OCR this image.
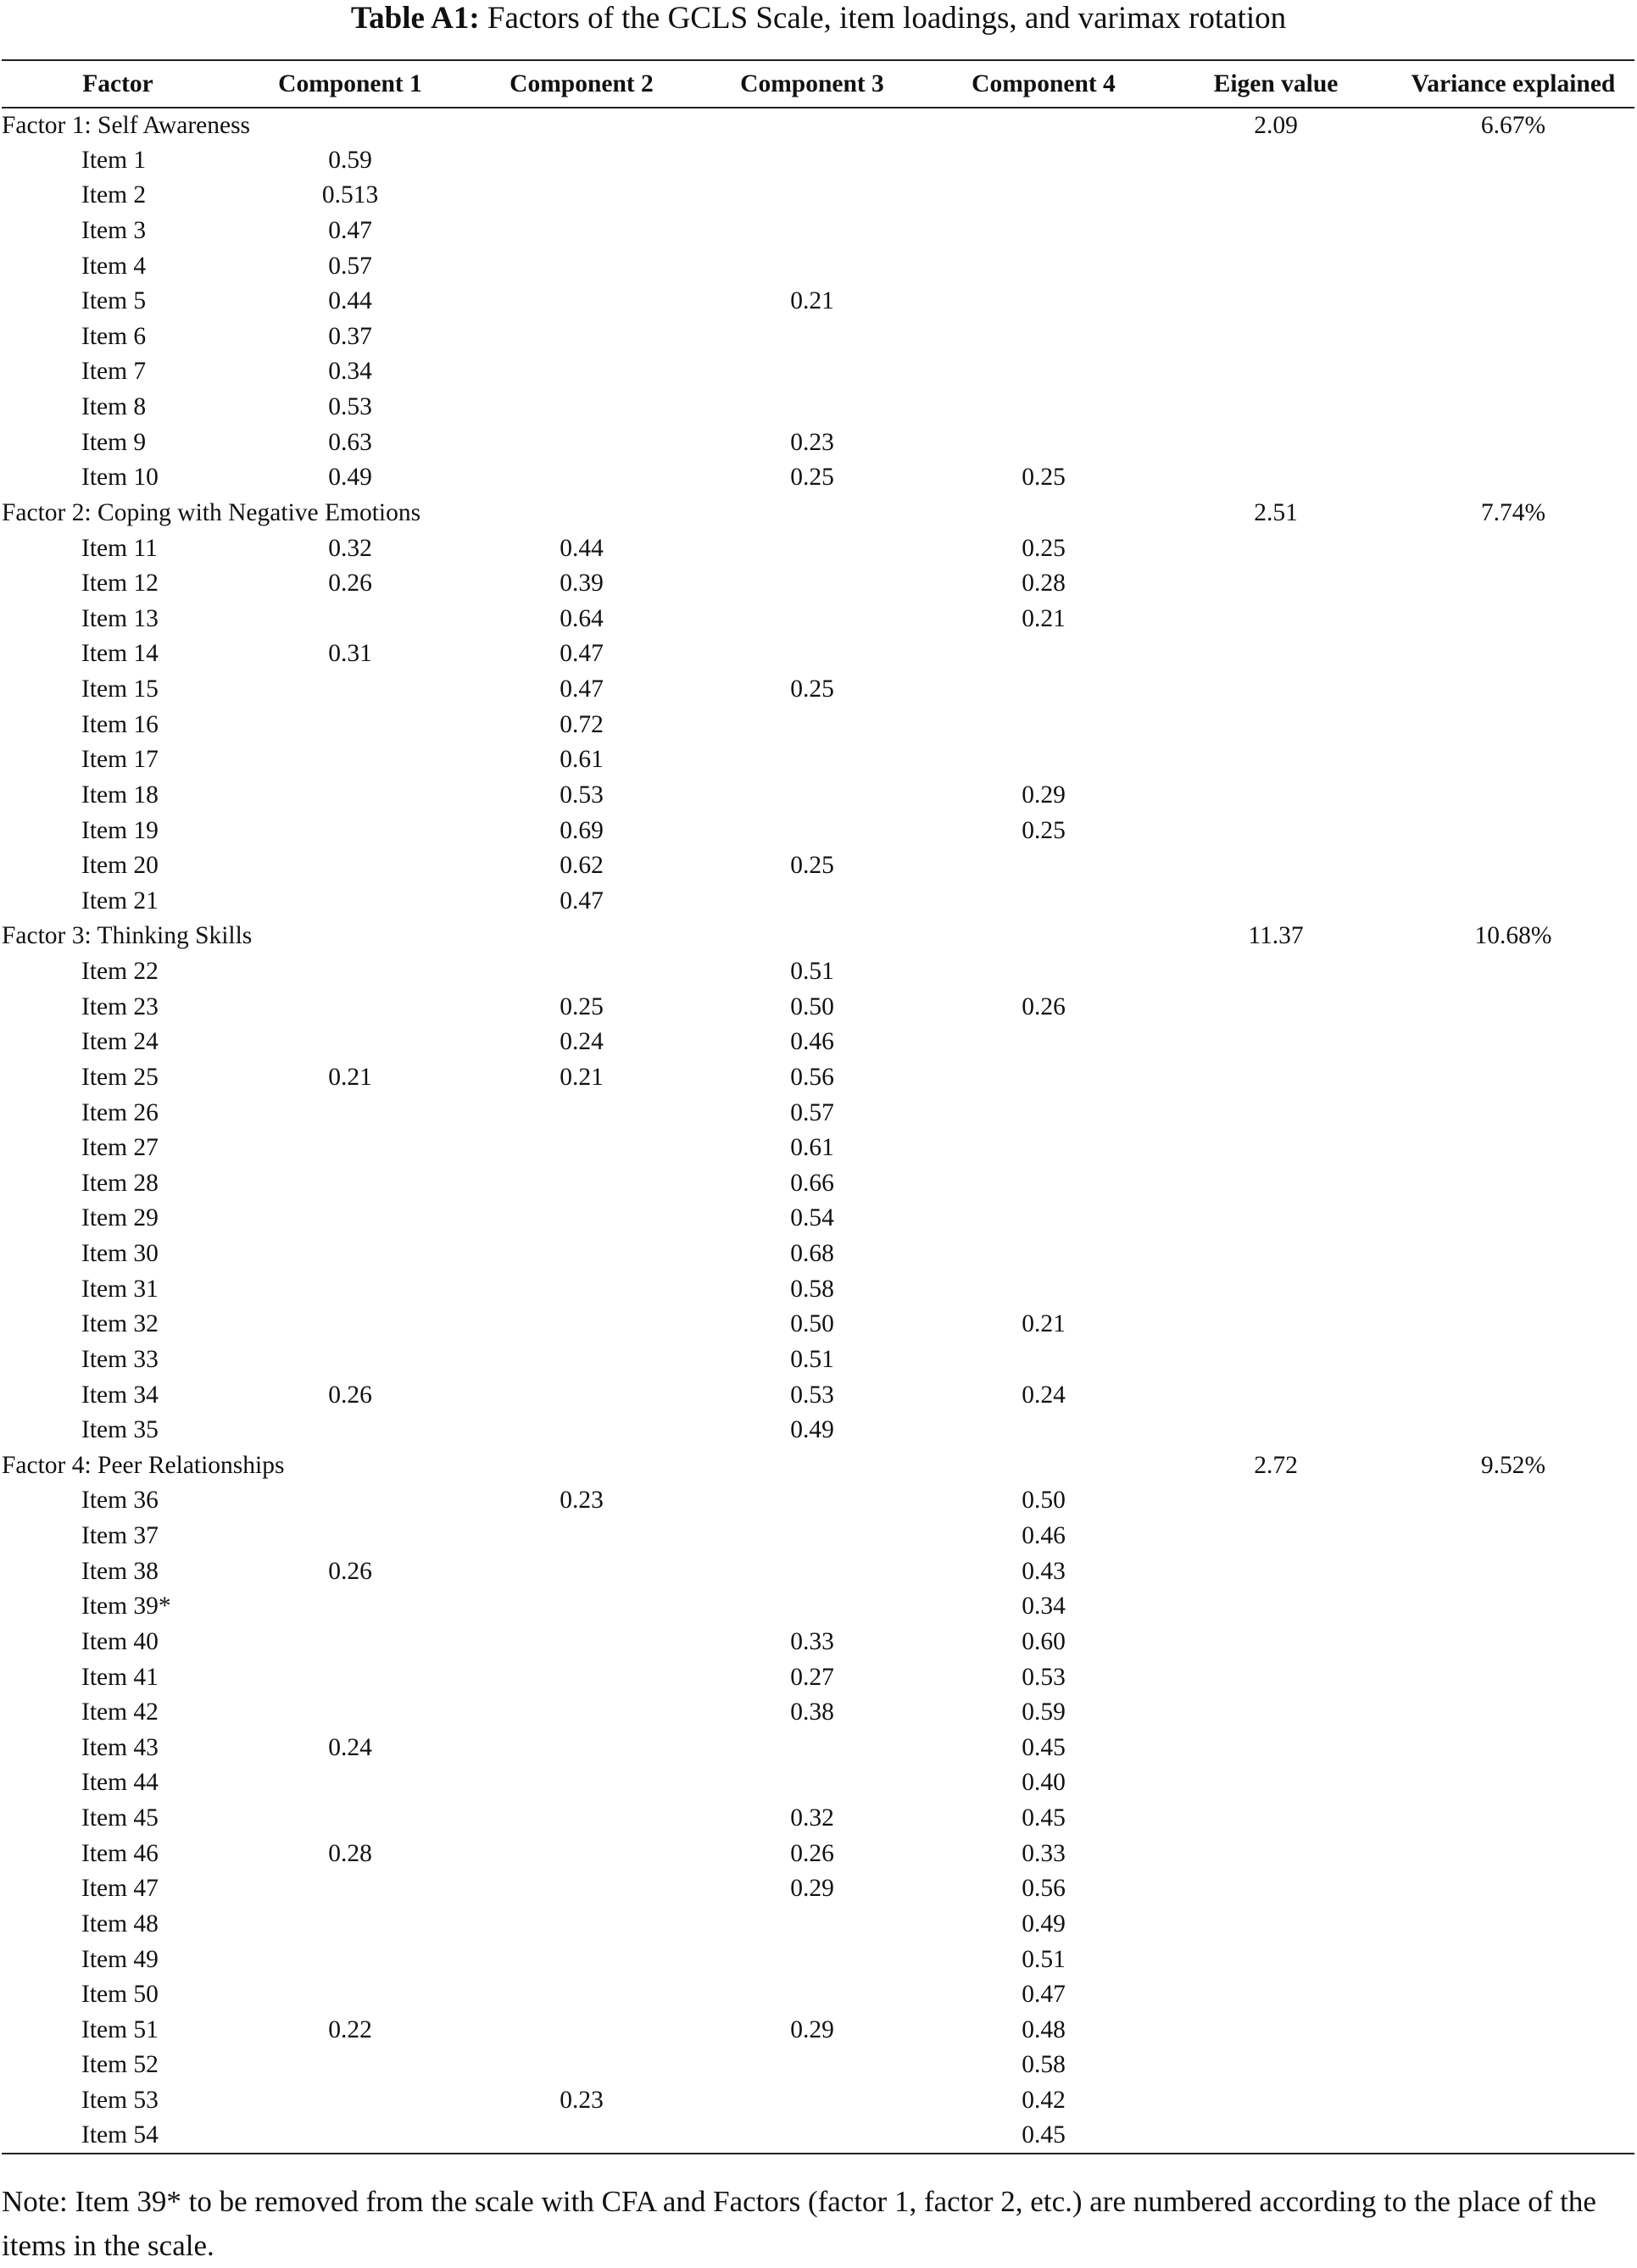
Table A1: Factors of the GCLS Scale, item loadings, and varimax rotation
Factor	Component 1	Component 2	Component 3	Component 4	Eigen value	Variance explained
Factor 1: Self Awareness					2.09	6.67%
Item 1	0.59					
Item 2	0.513					
Item 3	0.47					
Item 4	0.57					
Item 5	0.44		0.21			
Item 6	0.37					
Item 7	0.34					
Item 8	0.53					
Item 9	0.63		0.23			
Item 10	0.49		0.25	0.25		
Factor 2: Coping with Negative Emotions					2.51	7.74%
Item 11	0.32	0.44		0.25		
Item 12	0.26	0.39		0.28		
Item 13		0.64		0.21		
Item 14	0.31	0.47				
Item 15		0.47	0.25			
Item 16		0.72				
Item 17		0.61				
Item 18		0.53		0.29		
Item 19		0.69		0.25		
Item 20		0.62	0.25			
Item 21		0.47				
Factor 3: Thinking Skills					11.37	10.68%
Item 22			0.51			
Item 23		0.25	0.50	0.26		
Item 24		0.24	0.46			
Item 25	0.21	0.21	0.56			
Item 26			0.57			
Item 27			0.61			
Item 28			0.66			
Item 29			0.54			
Item 30			0.68			
Item 31			0.58			
Item 32			0.50	0.21		
Item 33			0.51			
Item 34	0.26		0.53	0.24		
Item 35			0.49			
Factor 4: Peer Relationships					2.72	9.52%
Item 36		0.23		0.50		
Item 37				0.46		
Item 38	0.26			0.43		
Item 39*				0.34		
Item 40			0.33	0.60		
Item 41			0.27	0.53		
Item 42			0.38	0.59		
Item 43	0.24			0.45		
Item 44				0.40		
Item 45			0.32	0.45		
Item 46	0.28		0.26	0.33		
Item 47			0.29	0.56		
Item 48				0.49		
Item 49				0.51		
Item 50				0.47		
Item 51	0.22		0.29	0.48		
Item 52				0.58		
Item 53		0.23		0.42		
Item 54				0.45		
Note: Item 39* to be removed from the scale with CFA and Factors (factor 1, factor 2, etc.) are numbered according to the place of the items in the scale.
